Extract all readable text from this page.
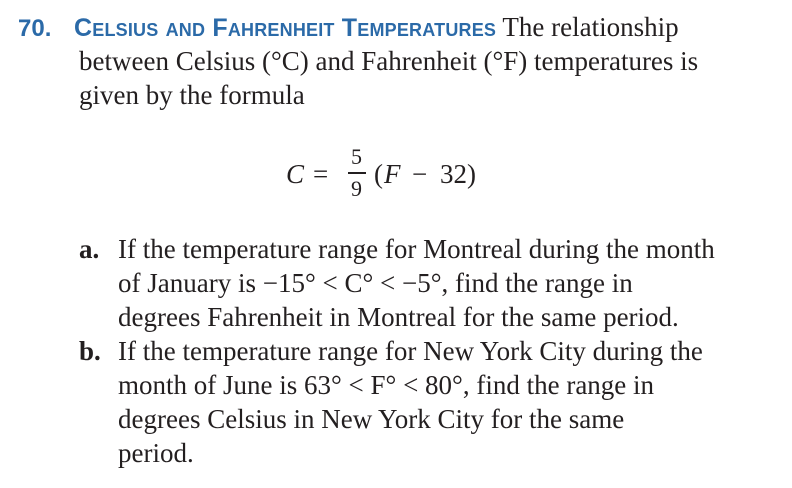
70. Celsius and Fahrenheit Temperatures The relationship
between Celsius (°C) and Fahrenheit (°F) temperatures is
given by the formula
C =
5
9 ( F − 32)
a. If the temperature range for Montreal during the month
of January is −15° < C° < −5°, find the range in
degrees Fahrenheit in Montreal for the same period.
b. If the temperature range for New York City during the
month of June is 63° < F° < 80°, find the range in
degrees Celsius in New York City for the same
period.
